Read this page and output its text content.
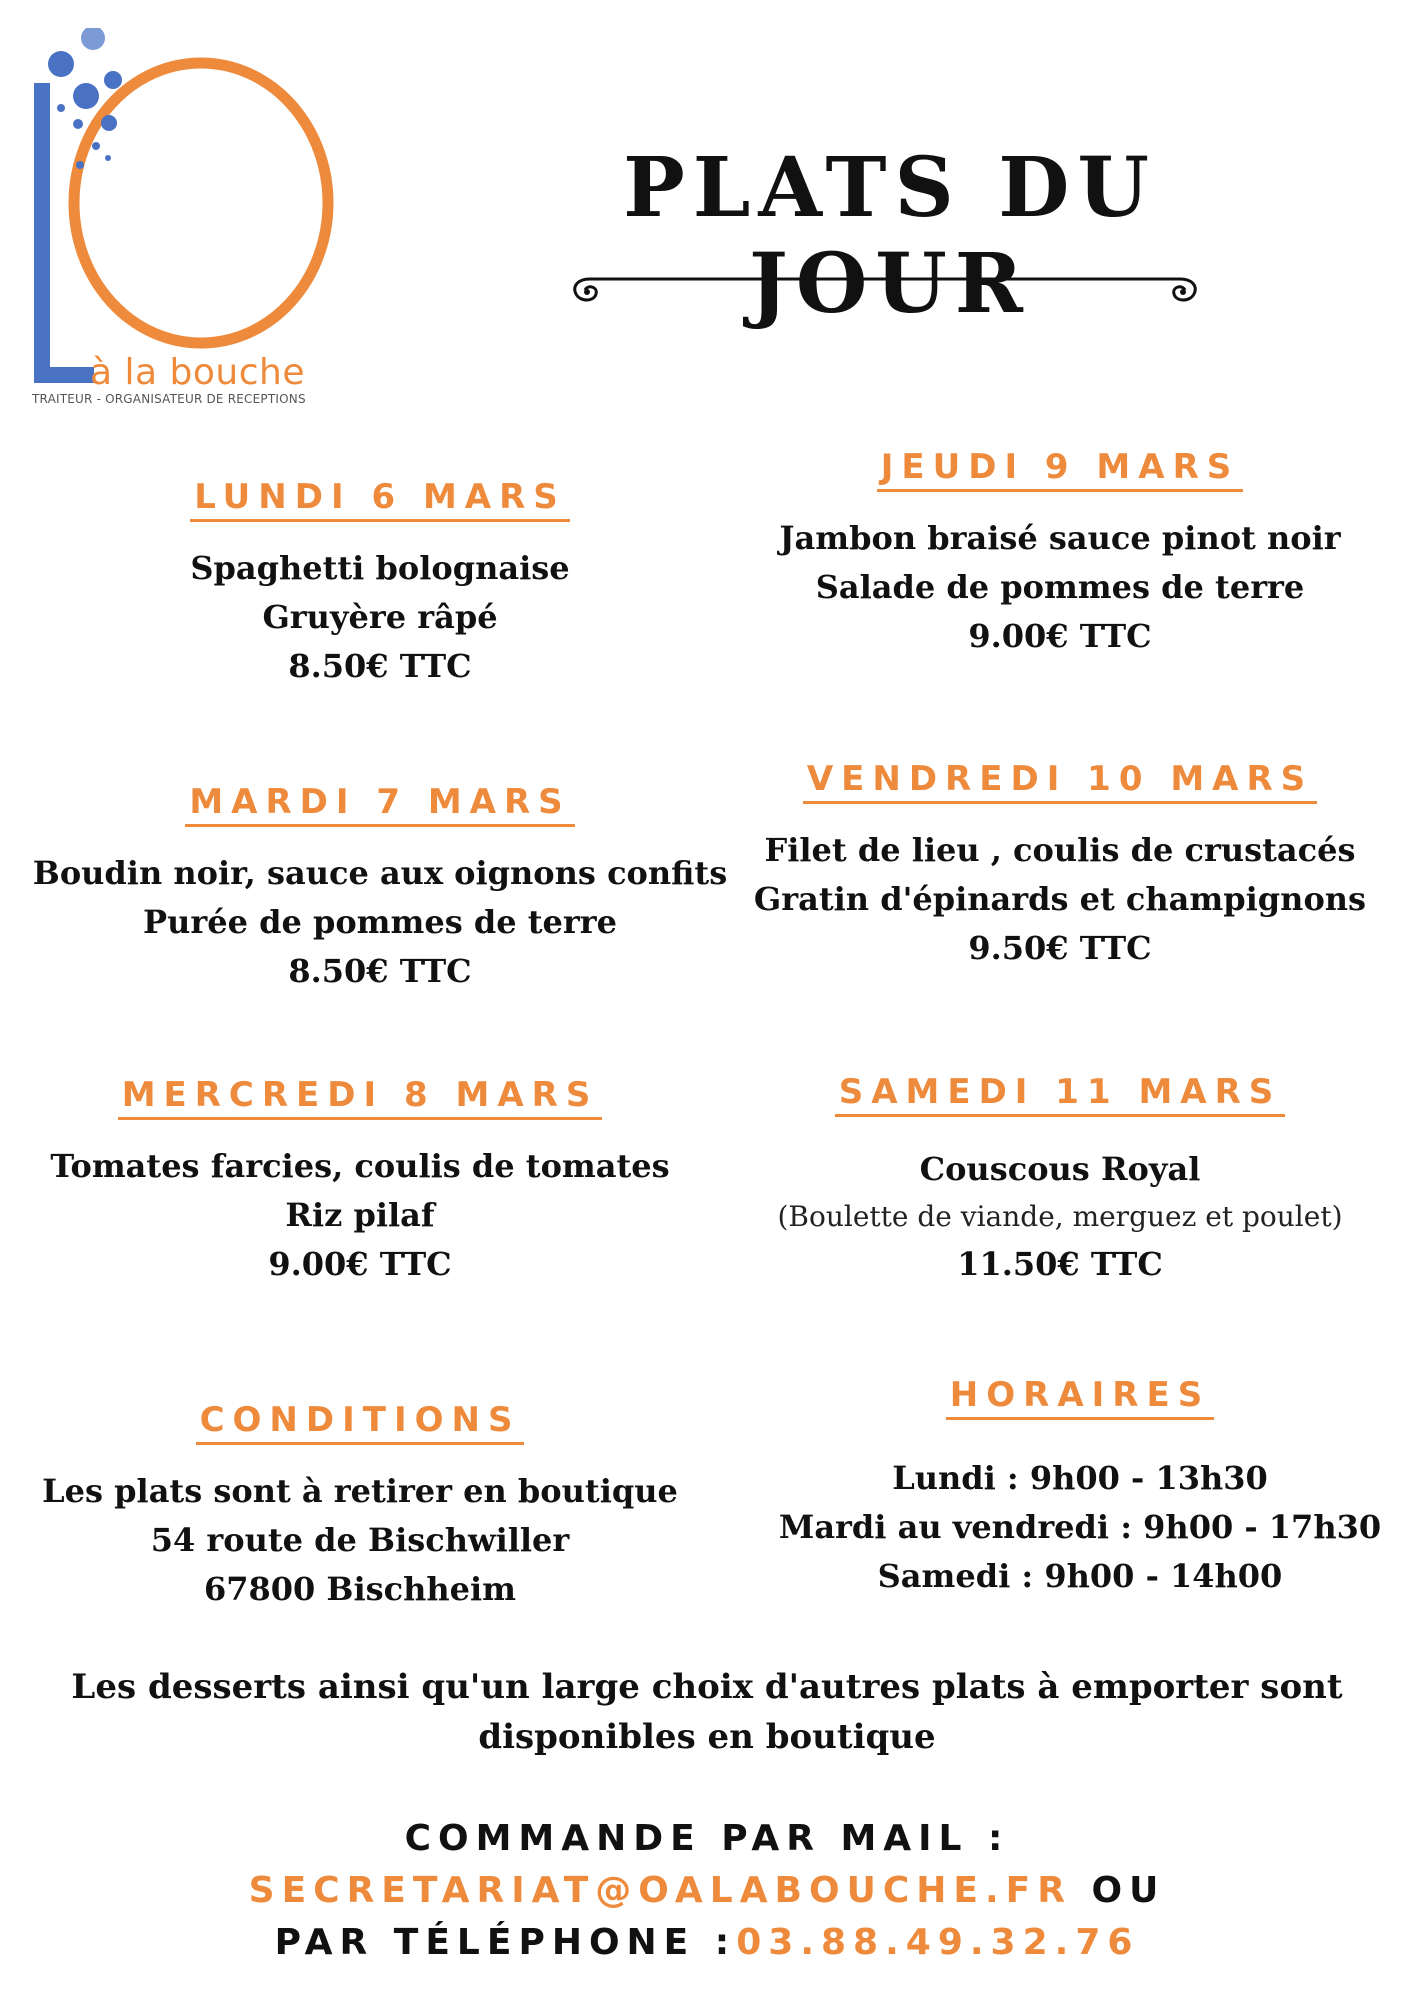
à la bouche
TRAITEUR - ORGANISATEUR DE RECEPTIONS
PLATS DU JOUR
LUNDI 6 MARS
Spaghetti bolognaise
Gruyère râpé
8.50€ TTC
MARDI 7 MARS
Boudin noir, sauce aux oignons confits
Purée de pommes de terre
8.50€ TTC
MERCREDI 8 MARS
Tomates farcies, coulis de tomates
Riz pilaf
9.00€ TTC
CONDITIONS
Les plats sont à retirer en boutique
54 route de Bischwiller
67800 Bischheim
JEUDI 9 MARS
Jambon braisé sauce pinot noir
Salade de pommes de terre
9.00€ TTC
VENDREDI 10 MARS
Filet de lieu , coulis de crustacés
Gratin d'épinards et champignons
9.50€ TTC
SAMEDI 11 MARS
Couscous Royal
(Boulette de viande, merguez et poulet)
11.50€ TTC
HORAIRES
Lundi : 9h00 - 13h30
Mardi au vendredi : 9h00 - 17h30
Samedi : 9h00 - 14h00
Les desserts ainsi qu'un large choix d'autres plats à emporter sont disponibles en boutique
COMMANDE PAR MAIL :
SECRETARIAT@OALABOUCHE.FR OU
PAR TÉLÉPHONE :03.88.49.32.76
